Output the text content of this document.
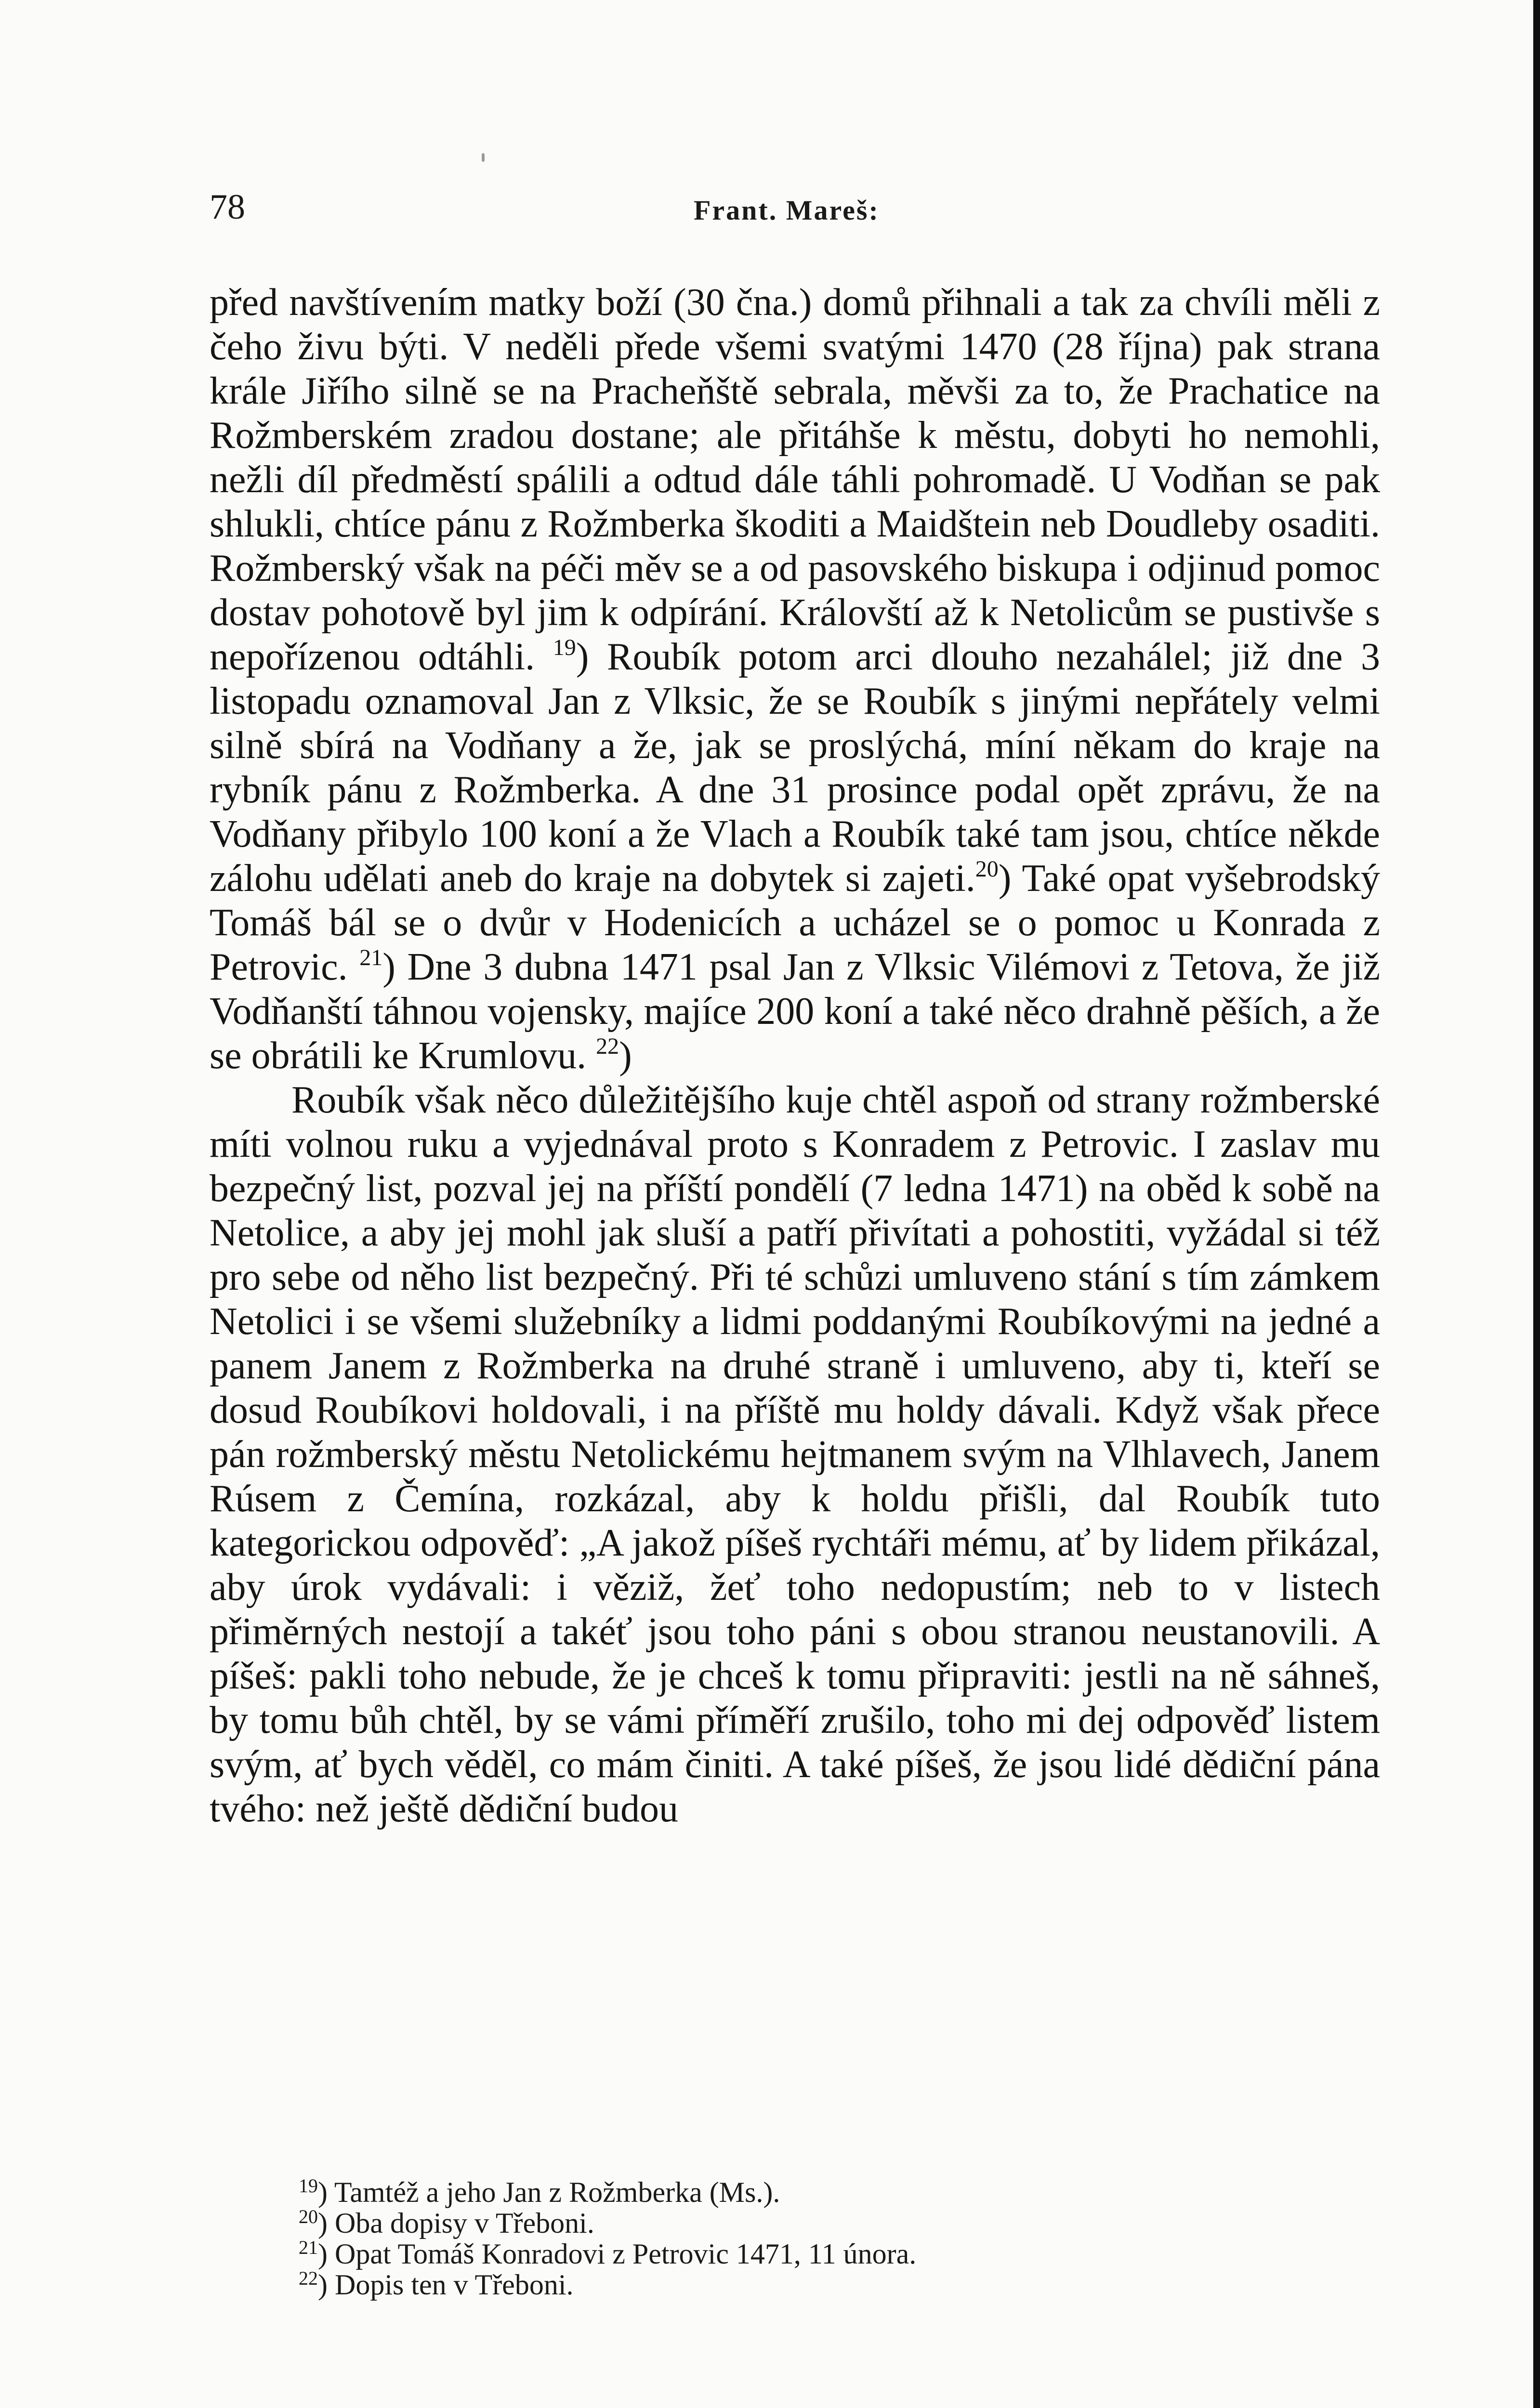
78	Frant. Mareš:

před navštívením matky boží (30 čna.) domů přihnali a tak za chvíli měli z čeho živu býti. V neděli přede všemi svatými 1470 (28 října) pak strana krále Jiřího silně se na Pracheňště sebrala, měvši za to, že Prachatice na Rožmberském zradou dostane; ale přitáhše k městu, dobyti ho nemohli, nežli díl předměstí spálili a odtud dále táhli pohromadě. U Vodňan se pak shlukli, chtíce pánu z Rožmberka škoditi a Maidštein neb Doudleby osaditi. Rožmberský však na péči měv se a od pasovského biskupa i odjinud pomoc dostav pohotově byl jim k odpírání. Královští až k Netolicům se pustivše s nepořízenou odtáhli. $^{19}$) Roubík potom arci dlouho nezahálel; již dne 3 listopadu oznamoval Jan z Vlksic, že se Roubík s jinými nepřátely velmi silně sbírá na Vodňany a že, jak se proslýchá, míní někam do kraje na rybník pánu z Rožmberka. A dne 31 prosince podal opět zprávu, že na Vodňany přibylo 100 koní a že Vlach a Roubík také tam jsou, chtíce někde zálohu udělati aneb do kraje na dobytek si zajeti.$^{20}$) Také opat vyšebrodský Tomáš bál se o dvůr v Hodenicích a ucházel se o pomoc u Konrada z Petrovic. $^{21}$) Dne 3 dubna 1471 psal Jan z Vlksic Vilémovi z Tetova, že již Vodňanští táhnou vojensky, majíce 200 koní a také něco drahně pěších, a že se obrátili ke Krumlovu. $^{22}$)

Roubík však něco důležitějšího kuje chtěl aspoň od strany rožmberské míti volnou ruku a vyjednával proto s Konradem z Petrovic. I zaslav mu bezpečný list, pozval jej na příští pondělí (7 ledna 1471) na oběd k sobě na Netolice, a aby jej mohl jak sluší a patří přivítati a pohostiti, vyžádal si též pro sebe od něho list bezpečný. Při té schůzi umluveno stání s tím zámkem Netolici i se všemi služebníky a lidmi poddanými Roubíkovými na jedné a panem Janem z Rožmberka na druhé straně i umluveno, aby ti, kteří se dosud Roubíkovi holdovali, i na příště mu holdy dávali. Když však přece pán rožmberský městu Netolickému hejtmanem svým na Vlhlavech, Janem Rúsem z Čemína, rozkázal, aby k holdu přišli, dal Roubík tuto kategorickou odpověď: „A jakož píšeš rychtáři mému, ať by lidem přikázal, aby úrok vydávali: i věziž, žeť toho nedopustím; neb to v listech přiměrných nestojí a takéť jsou toho páni s obou stranou neustanovili. A píšeš: pakli toho nebude, že je chceš k tomu připraviti: jestli na ně sáhneš, by tomu bůh chtěl, by se vámi příměří zrušilo, toho mi dej odpověď listem svým, ať bych věděl, co mám činiti. A také píšeš, že jsou lidé dědiční pána tvého: než ještě dědiční budou

$^{19}$) Tamtéž a jeho Jan z Rožmberka (Ms.).

$^{20}$) Oba dopisy v Třeboni.

$^{21}$) Opat Tomáš Konradovi z Petrovic 1471, 11 února.

$^{22}$) Dopis ten v Třeboni.
